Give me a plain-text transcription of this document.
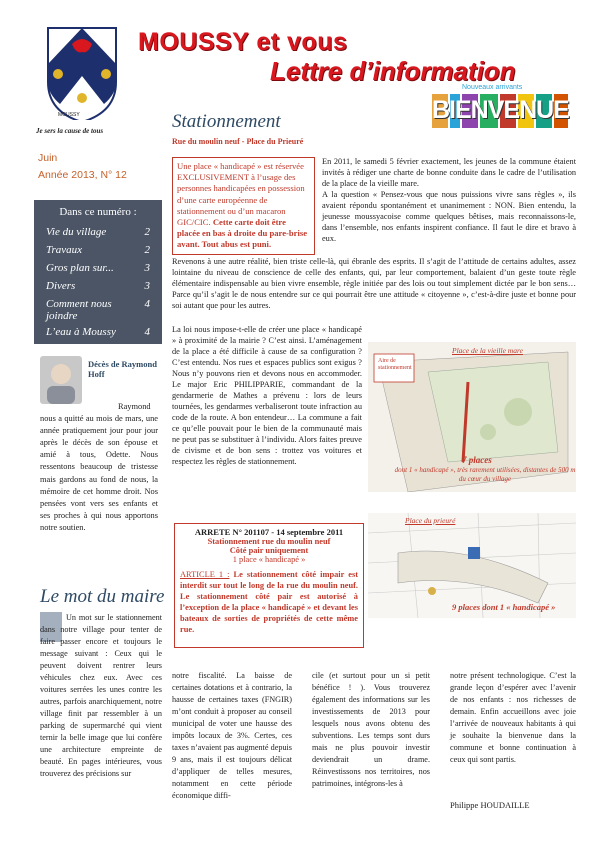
MOUSSY
Je sers la cause de tous
MOUSSY et vous
Lettre d’information
Nouveaux arrivants
BIENVENUE
Juin
Année 2013, N° 12
Dans ce numéro :
Vie du village	2
Travaux	2
Gros plan sur...	3
Divers	3
Comment nous joindre
4
L’eau à Moussy	4
Décès de Raymond Hoff
Raymond nous a quitté au mois de mars, une année pratiquement jour pour jour après le décès de son épouse et amié à tous, Odette. Nous ressentons beaucoup de tristesse mais gardons au fond de nous, la mémoire de cet homme droit. Nos pensées vont vers ses enfants et ses proches à qui nous apportons notre soutien.
Stationnement
Rue du moulin neuf - Place du Prieuré
Une place « handicapé » est réservée EXCLUSIVEMENT à l’usage des personnes handicapées en possession d’une carte européenne de stationnement ou d’un macaron GIC/CIC. Cette carte doit être placée en bas à droite du pare-brise avant. Tout abus est puni.
En 2011, le samedi 5 février exactement, les jeunes de la commune étaient invités à rédiger une charte de bonne conduite dans le cadre de l’utilisation de la place de la vieille mare.
A la question « Pensez-vous que nous puissions vivre sans règles », ils avaient répondu spontanément et unanimement : NON. Bien entendu, la jeunesse moussyacoise comme quelques bêtises, mais reconnaissons-le, dans l’ensemble, nos enfants inspirent confiance. Il faut le dire et bravo à eux.
Revenons à une autre réalité, bien triste celle-là, qui ébranle des esprits. Il s’agit de l’attitude de certains adultes, assez lointaine du niveau de conscience de celle des enfants, qui, par leur comportement, balaient d’un geste toute règle élémentaire indispensable au bien vivre ensemble, règle initiée par des lois ou tout simplement dictée par le bon sens… Parce qu’il s’agit le de nous entendre sur ce qui pourrait être une attitude « citoyenne », c’est-à-dire juste et bonne pour soi autant que pour les autres.
La loi nous impose-t-elle de créer une place « handicapé » à proximité de la mairie ? C’est ainsi. L’aménagement de la place a été difficile à cause de sa configuration ? C’est entendu. Nos rues et espaces publics sont exigus ? Nous n’y pouvons rien et devons nous en accommoder. Le major Eric PHILIPPARIE, commandant de la gendarmerie de Mathes a prévenu : lors de leurs tournées, les gendarmes verbaliseront toute infraction au code de la route. A bon entendeur… La commune a fait ce qu’elle pouvait pour le bien de la communauté mais ne peut pas se substituer à l’individu. Alors faites preuve de civisme et de bon sens : trottez vos voitures et respectez les règles de stationnement.
Aire de stationnement
Place de la vieille mare
7 places
dont 1 « handicapé », très rarement utilisées, distantes de 500 m du cœur du village
Place du prieuré
9 places dont 1 « handicapé »
ARRETE N° 201107 - 14 septembre 2011
Stationnement rue du moulin neuf
Côté pair uniquement
1 place « handicapé »
ARTICLE 1 : Le stationnement côté impair est interdit sur tout le long de la rue du moulin neuf. Le stationnement côté pair est autorisé à l’exception de la place « handicapé » et devant les bateaux de sorties de propriétés de cette même rue.
Le mot du maire
Un mot sur le stationnement dans notre village pour tenter de faire passer encore et toujours le message suivant : Ceux qui le peuvent doivent rentrer leurs véhicules chez eux. Avec ces voitures serrées les unes contre les autres, parfois anarchiquement, notre village finit par ressembler à un parking de supermarché qui vient ternir la belle image que lui confère une architecture empreinte de beauté. En pages intérieures, vous trouverez des précisions sur
notre fiscalité. La baisse de certaines dotations et à contrario, la hausse de certaines taxes (FNGIR) m’ont conduit à proposer au conseil municipal de voter une hausse des impôts locaux de 3%. Certes, ces taxes n’avaient pas augmenté depuis 9 ans, mais il est toujours délicat d’appliquer de telles mesures, notamment en cette période économique diffi-
cile (et surtout pour un si petit bénéfice ! ). Vous trouverez également des informations sur les investissements de 2013 pour lesquels nous avons obtenu des subventions. Les temps sont durs mais ne plus pouvoir investir deviendrait un drame. Réinvestissons nos territoires, nos patrimoines, intégrons-les à
notre présent technologique. C’est la grande leçon d’espérer avec l’avenir de nos enfants : nos richesses de demain. Enfin accueillons avec joie l’arrivée de nouveaux habitants à qui je souhaite la bienvenue dans la commune et bonne continuation à ceux qui sont partis.
Philippe HOUDAILLE
